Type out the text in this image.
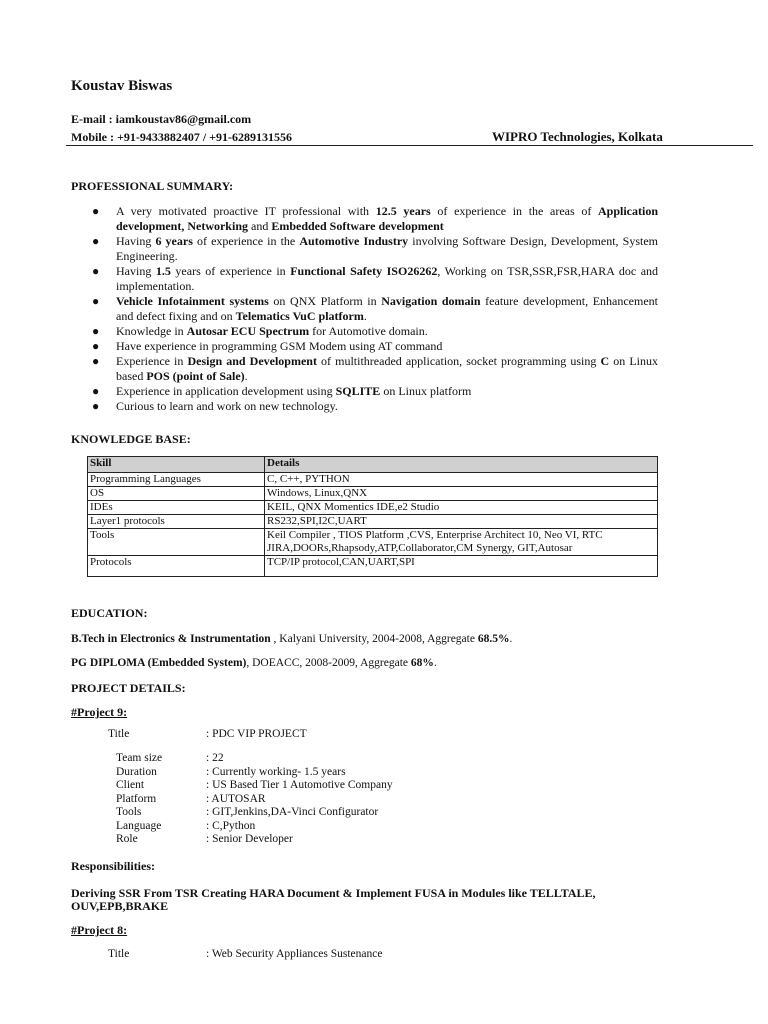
Koustav Biswas
E-mail : iamkoustav86@gmail.com
Mobile : +91-9433882407 / +91-6289131556	WIPRO Technologies, Kolkata
PROFESSIONAL SUMMARY:
● A very motivated proactive IT professional with 12.5 years of experience in the areas of Application development, Networking and Embedded Software development
● Having 6 years of experience in the Automotive Industry involving Software Design, Development, System Engineering.
● Having 1.5 years of experience in Functional Safety ISO26262, Working on TSR,SSR,FSR,HARA doc and implementation.
● Vehicle Infotainment systems on QNX Platform in Navigation domain feature development, Enhancement and defect fixing and on Telematics VuC platform.
● Knowledge in Autosar ECU Spectrum for Automotive domain.
● Have experience in programming GSM Modem using AT command
● Experience in Design and Development of multithreaded application, socket programming using C on Linux based POS (point of Sale).
● Experience in application development using SQLITE on Linux platform
● Curious to learn and work on new technology.
KNOWLEDGE BASE:
Skill	Details
Programming Languages	C, C++, PYTHON
OS	Windows, Linux,QNX
IDEs	KEIL, QNX Momentics IDE,e2 Studio
Layer1 protocols	RS232,SPI,I2C,UART
Tools	Keil Compiler , TIOS Platform ,CVS, Enterprise Architect 10, Neo VI, RTC JIRA,DOORs,Rhapsody,ATP,Collaborator,CM Synergy, GIT,Autosar
Protocols	TCP/IP protocol,CAN,UART,SPI
EDUCATION:
B.Tech in Electronics & Instrumentation , Kalyani University, 2004-2008, Aggregate 68.5%.
PG DIPLOMA (Embedded System), DOEACC, 2008-2009, Aggregate 68%.
PROJECT DETAILS:
#Project 9:
Title	: PDC VIP PROJECT
Team size	: 22
Duration	: Currently working- 1.5 years
Client	: US Based Tier 1 Automotive Company
Platform	: AUTOSAR
Tools	: GIT,Jenkins,DA-Vinci Configurator
Language	: C,Python
Role	: Senior Developer
Responsibilities:
Deriving SSR From TSR Creating HARA Document & Implement FUSA in Modules like TELLTALE,
OUV,EPB,BRAKE
#Project 8:
Title	: Web Security Appliances Sustenance
